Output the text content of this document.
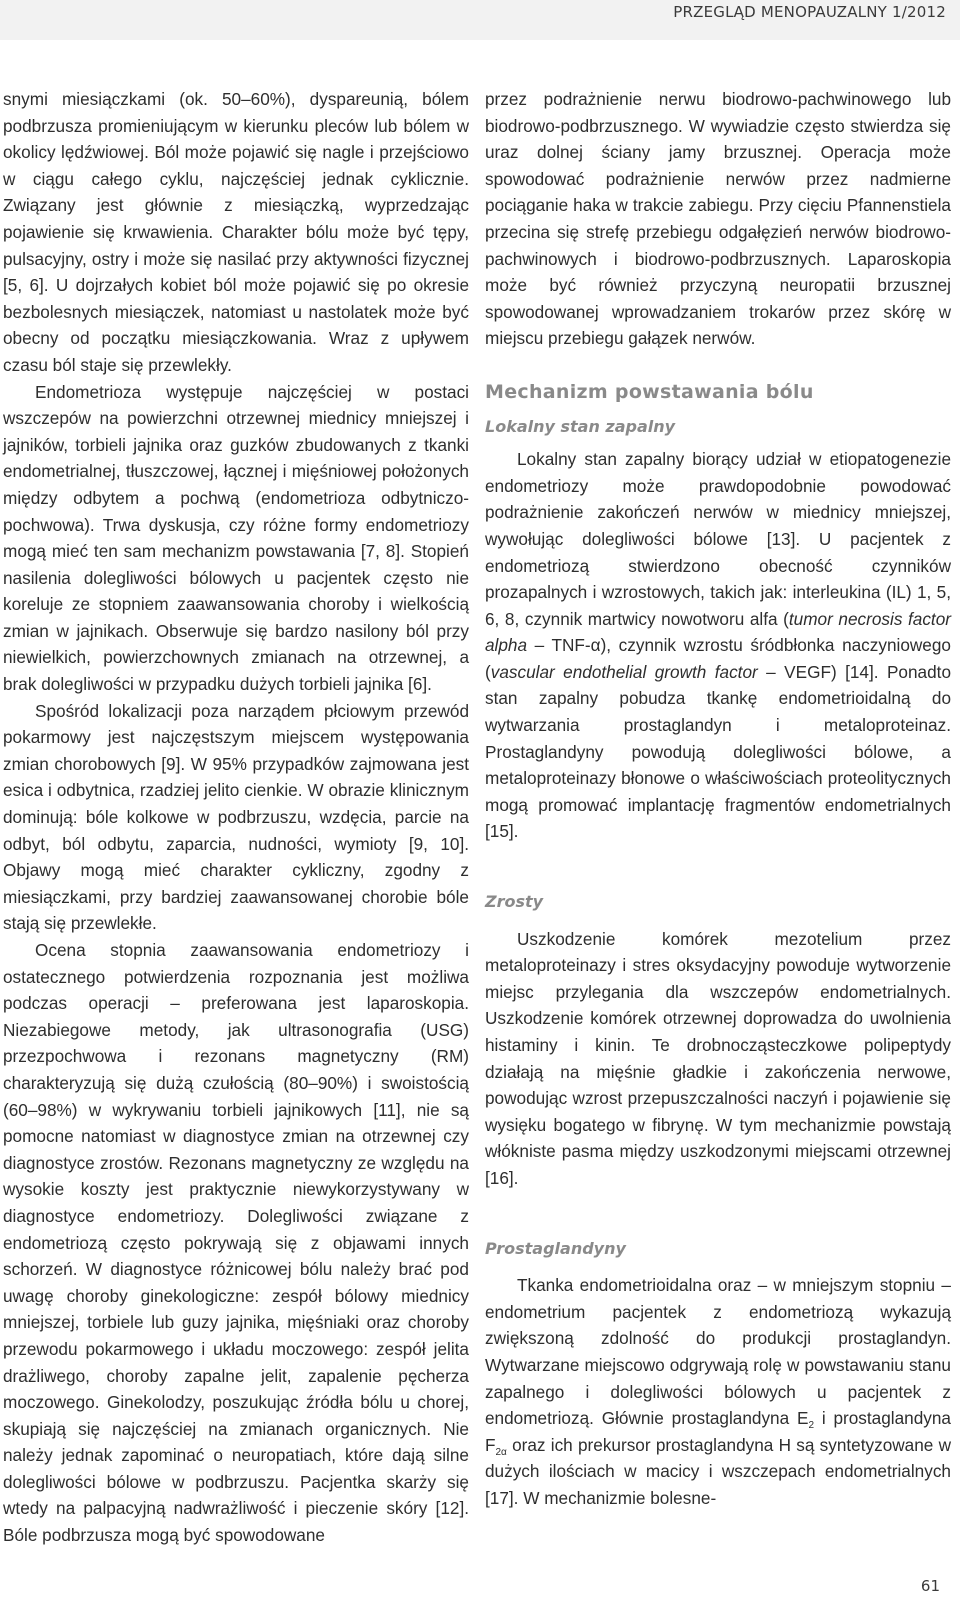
PRZEGLĄD MENOPAUZALNY 1/2012

snymi miesiączkami (ok. 50–60%), dyspareunią, bólem podbrzusza promieniującym w kierunku pleców lub bólem w okolicy lędźwiowej. Ból może pojawić się nagle i przejściowo w ciągu całego cyklu, najczęściej jednak cyklicznie. Związany jest głównie z miesiączką, wyprzedzając pojawienie się krwawienia. Charakter bólu może być tępy, pulsacyjny, ostry i może się nasilać przy aktywności fizycznej [5, 6]. U dojrzałych kobiet ból może pojawić się po okresie bezbolesnych miesiączek, natomiast u nastolatek może być obecny od początku miesiączkowania. Wraz z upływem czasu ból staje się przewlekły.

Endometrioza występuje najczęściej w postaci wszczepów na powierzchni otrzewnej miednicy mniejszej i jajników, torbieli jajnika oraz guzków zbudowanych z tkanki endometrialnej, tłuszczowej, łącznej i mięśniowej położonych między odbytem a pochwą (endometrioza odbytniczo-pochwowa). Trwa dyskusja, czy różne formy endometriozy mogą mieć ten sam mechanizm powstawania [7, 8]. Stopień nasilenia dolegliwości bólowych u pacjentek często nie koreluje ze stopniem zaawansowania choroby i wielkością zmian w jajnikach. Obserwuje się bardzo nasilony ból przy niewielkich, powierzchownych zmianach na otrzewnej, a brak dolegliwości w przypadku dużych torbieli jajnika [6].

Spośród lokalizacji poza narządem płciowym przewód pokarmowy jest najczęstszym miejscem występowania zmian chorobowych [9]. W 95% przypadków zajmowana jest esica i odbytnica, rzadziej jelito cienkie. W obrazie klinicznym dominują: bóle kolkowe w podbrzuszu, wzdęcia, parcie na odbyt, ból odbytu, zaparcia, nudności, wymioty [9, 10]. Objawy mogą mieć charakter cykliczny, zgodny z miesiączkami, przy bardziej zaawansowanej chorobie bóle stają się przewlekłe.

Ocena stopnia zaawansowania endometriozy i ostatecznego potwierdzenia rozpoznania jest możliwa podczas operacji – preferowana jest laparoskopia. Niezabiegowe metody, jak ultrasonografia (USG) przezpochwowa i rezonans magnetyczny (RM) charakteryzują się dużą czułością (80–90%) i swoistością (60–98%) w wykrywaniu torbieli jajnikowych [11], nie są pomocne natomiast w diagnostyce zmian na otrzewnej czy diagnostyce zrostów. Rezonans magnetyczny ze względu na wysokie koszty jest praktycznie niewykorzystywany w diagnostyce endometriozy. Dolegliwości związane z endometriozą często pokrywają się z objawami innych schorzeń. W diagnostyce różnicowej bólu należy brać pod uwagę choroby ginekologiczne: zespół bólowy miednicy mniejszej, torbiele lub guzy jajnika, mięśniaki oraz choroby przewodu pokarmowego i układu moczowego: zespół jelita drażliwego, choroby zapalne jelit, zapalenie pęcherza moczowego. Ginekolodzy, poszukując źródła bólu u chorej, skupiają się najczęściej na zmianach organicznych. Nie należy jednak zapominać o neuropatiach, które dają silne dolegliwości bólowe w podbrzuszu. Pacjentka skarży się wtedy na palpacyjną nadwrażliwość i pieczenie skóry [12]. Bóle podbrzusza mogą być spowodowane

przez podrażnienie nerwu biodrowo-pachwinowego lub biodrowo-podbrzusznego. W wywiadzie często stwierdza się uraz dolnej ściany jamy brzusznej. Operacja może spowodować podrażnienie nerwów przez nadmierne pociąganie haka w trakcie zabiegu. Przy cięciu Pfannenstiela przecina się strefę przebiegu odgałęzień nerwów biodrowo-pachwinowych i biodrowo-podbrzusznych. Laparoskopia może być również przyczyną neuropatii brzusznej spowodowanej wprowadzaniem trokarów przez skórę w miejscu przebiegu gałązek nerwów.

Mechanizm powstawania bólu
Lokalny stan zapalny

Lokalny stan zapalny biorący udział w etiopatogenezie endometriozy może prawdopodobnie powodować podrażnienie zakończeń nerwów w miednicy mniejszej, wywołując dolegliwości bólowe [13]. U pacjentek z endometriozą stwierdzono obecność czynników prozapalnych i wzrostowych, takich jak: interleukina (IL) 1, 5, 6, 8, czynnik martwicy nowotworu alfa (tumor necrosis factor alpha – TNF-α), czynnik wzrostu śródbłonka naczyniowego (vascular endothelial growth factor – VEGF) [14]. Ponadto stan zapalny pobudza tkankę endometrioidalną do wytwarzania prostaglandyn i metaloproteinaz. Prostaglandyny powodują dolegliwości bólowe, a metaloproteinazy błonowe o właściwościach proteolitycznych mogą promować implantację fragmentów endometrialnych [15].

Zrosty

Uszkodzenie komórek mezotelium przez metaloproteinazy i stres oksydacyjny powoduje wytworzenie miejsc przylegania dla wszczepów endometrialnych. Uszkodzenie komórek otrzewnej doprowadza do uwolnienia histaminy i kinin. Te drobnocząsteczkowe polipeptydy działają na mięśnie gładkie i zakończenia nerwowe, powodując wzrost przepuszczalności naczyń i pojawienie się wysięku bogatego w fibrynę. W tym mechanizmie powstają włókniste pasma między uszkodzonymi miejscami otrzewnej [16].

Prostaglandyny

Tkanka endometrioidalna oraz – w mniejszym stopniu – endometrium pacjentek z endometriozą wykazują zwiększoną zdolność do produkcji prostaglandyn. Wytwarzane miejscowo odgrywają rolę w powstawaniu stanu zapalnego i dolegliwości bólowych u pacjentek z endometriozą. Głównie prostaglandyna $E_2$ i prostaglandyna $F_{2\alpha}$ oraz ich prekursor prostaglandyna H są syntetyzowane w dużych ilościach w macicy i wszczepach endometrialnych [17]. W mechanizmie bolesne-

61
